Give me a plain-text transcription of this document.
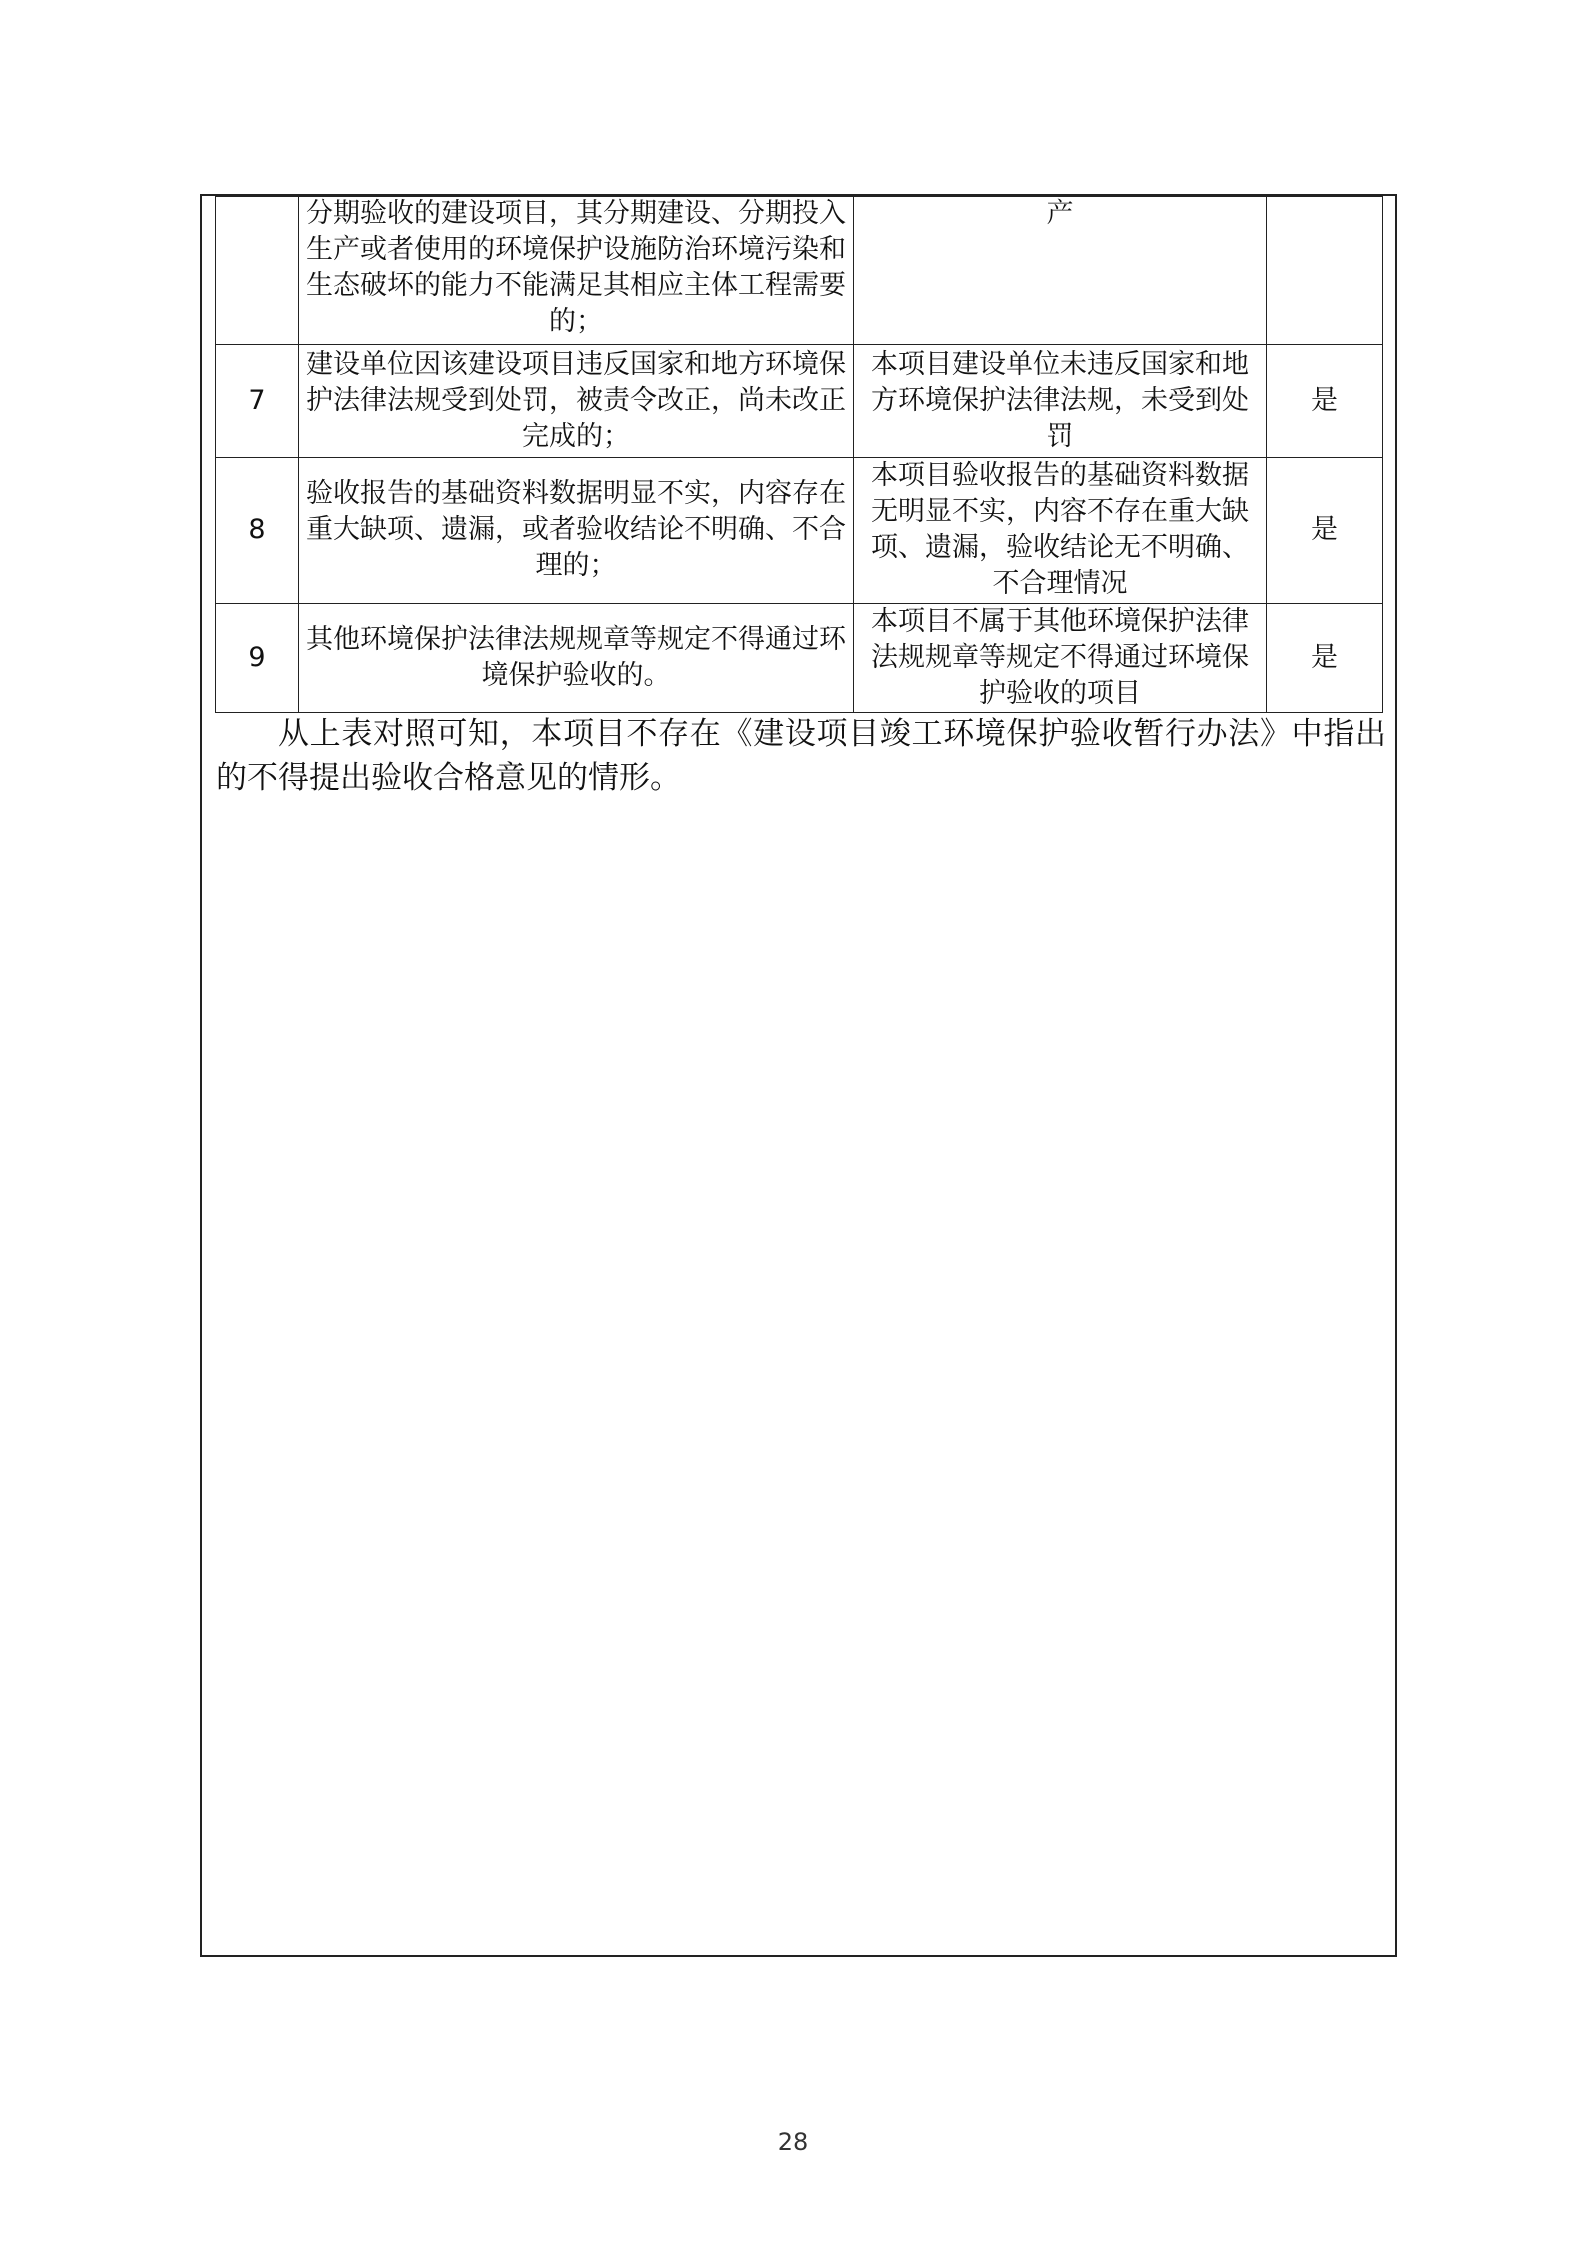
	分期验收的建设项目，其分期建设、分期投入生产或者使用的环境保护设施防治环境污染和生态破坏的能力不能满足其相应主体工程需要的；	产	
7	建设单位因该建设项目违反国家和地方环境保护法律法规受到处罚，被责令改正，尚未改正完成的；	本项目建设单位未违反国家和地方环境保护法律法规，未受到处罚	是
8	验收报告的基础资料数据明显不实，内容存在重大缺项、遗漏，或者验收结论不明确、不合理的；	本项目验收报告的基础资料数据无明显不实，内容不存在重大缺项、遗漏，验收结论无不明确、不合理情况	是
9	其他环境保护法律法规规章等规定不得通过环境保护验收的。	本项目不属于其他环境保护法律法规规章等规定不得通过环境保护验收的项目	是

从上表对照可知，本项目不存在《建设项目竣工环境保护验收暂行办法》中指出的不得提出验收合格意见的情形。

28
